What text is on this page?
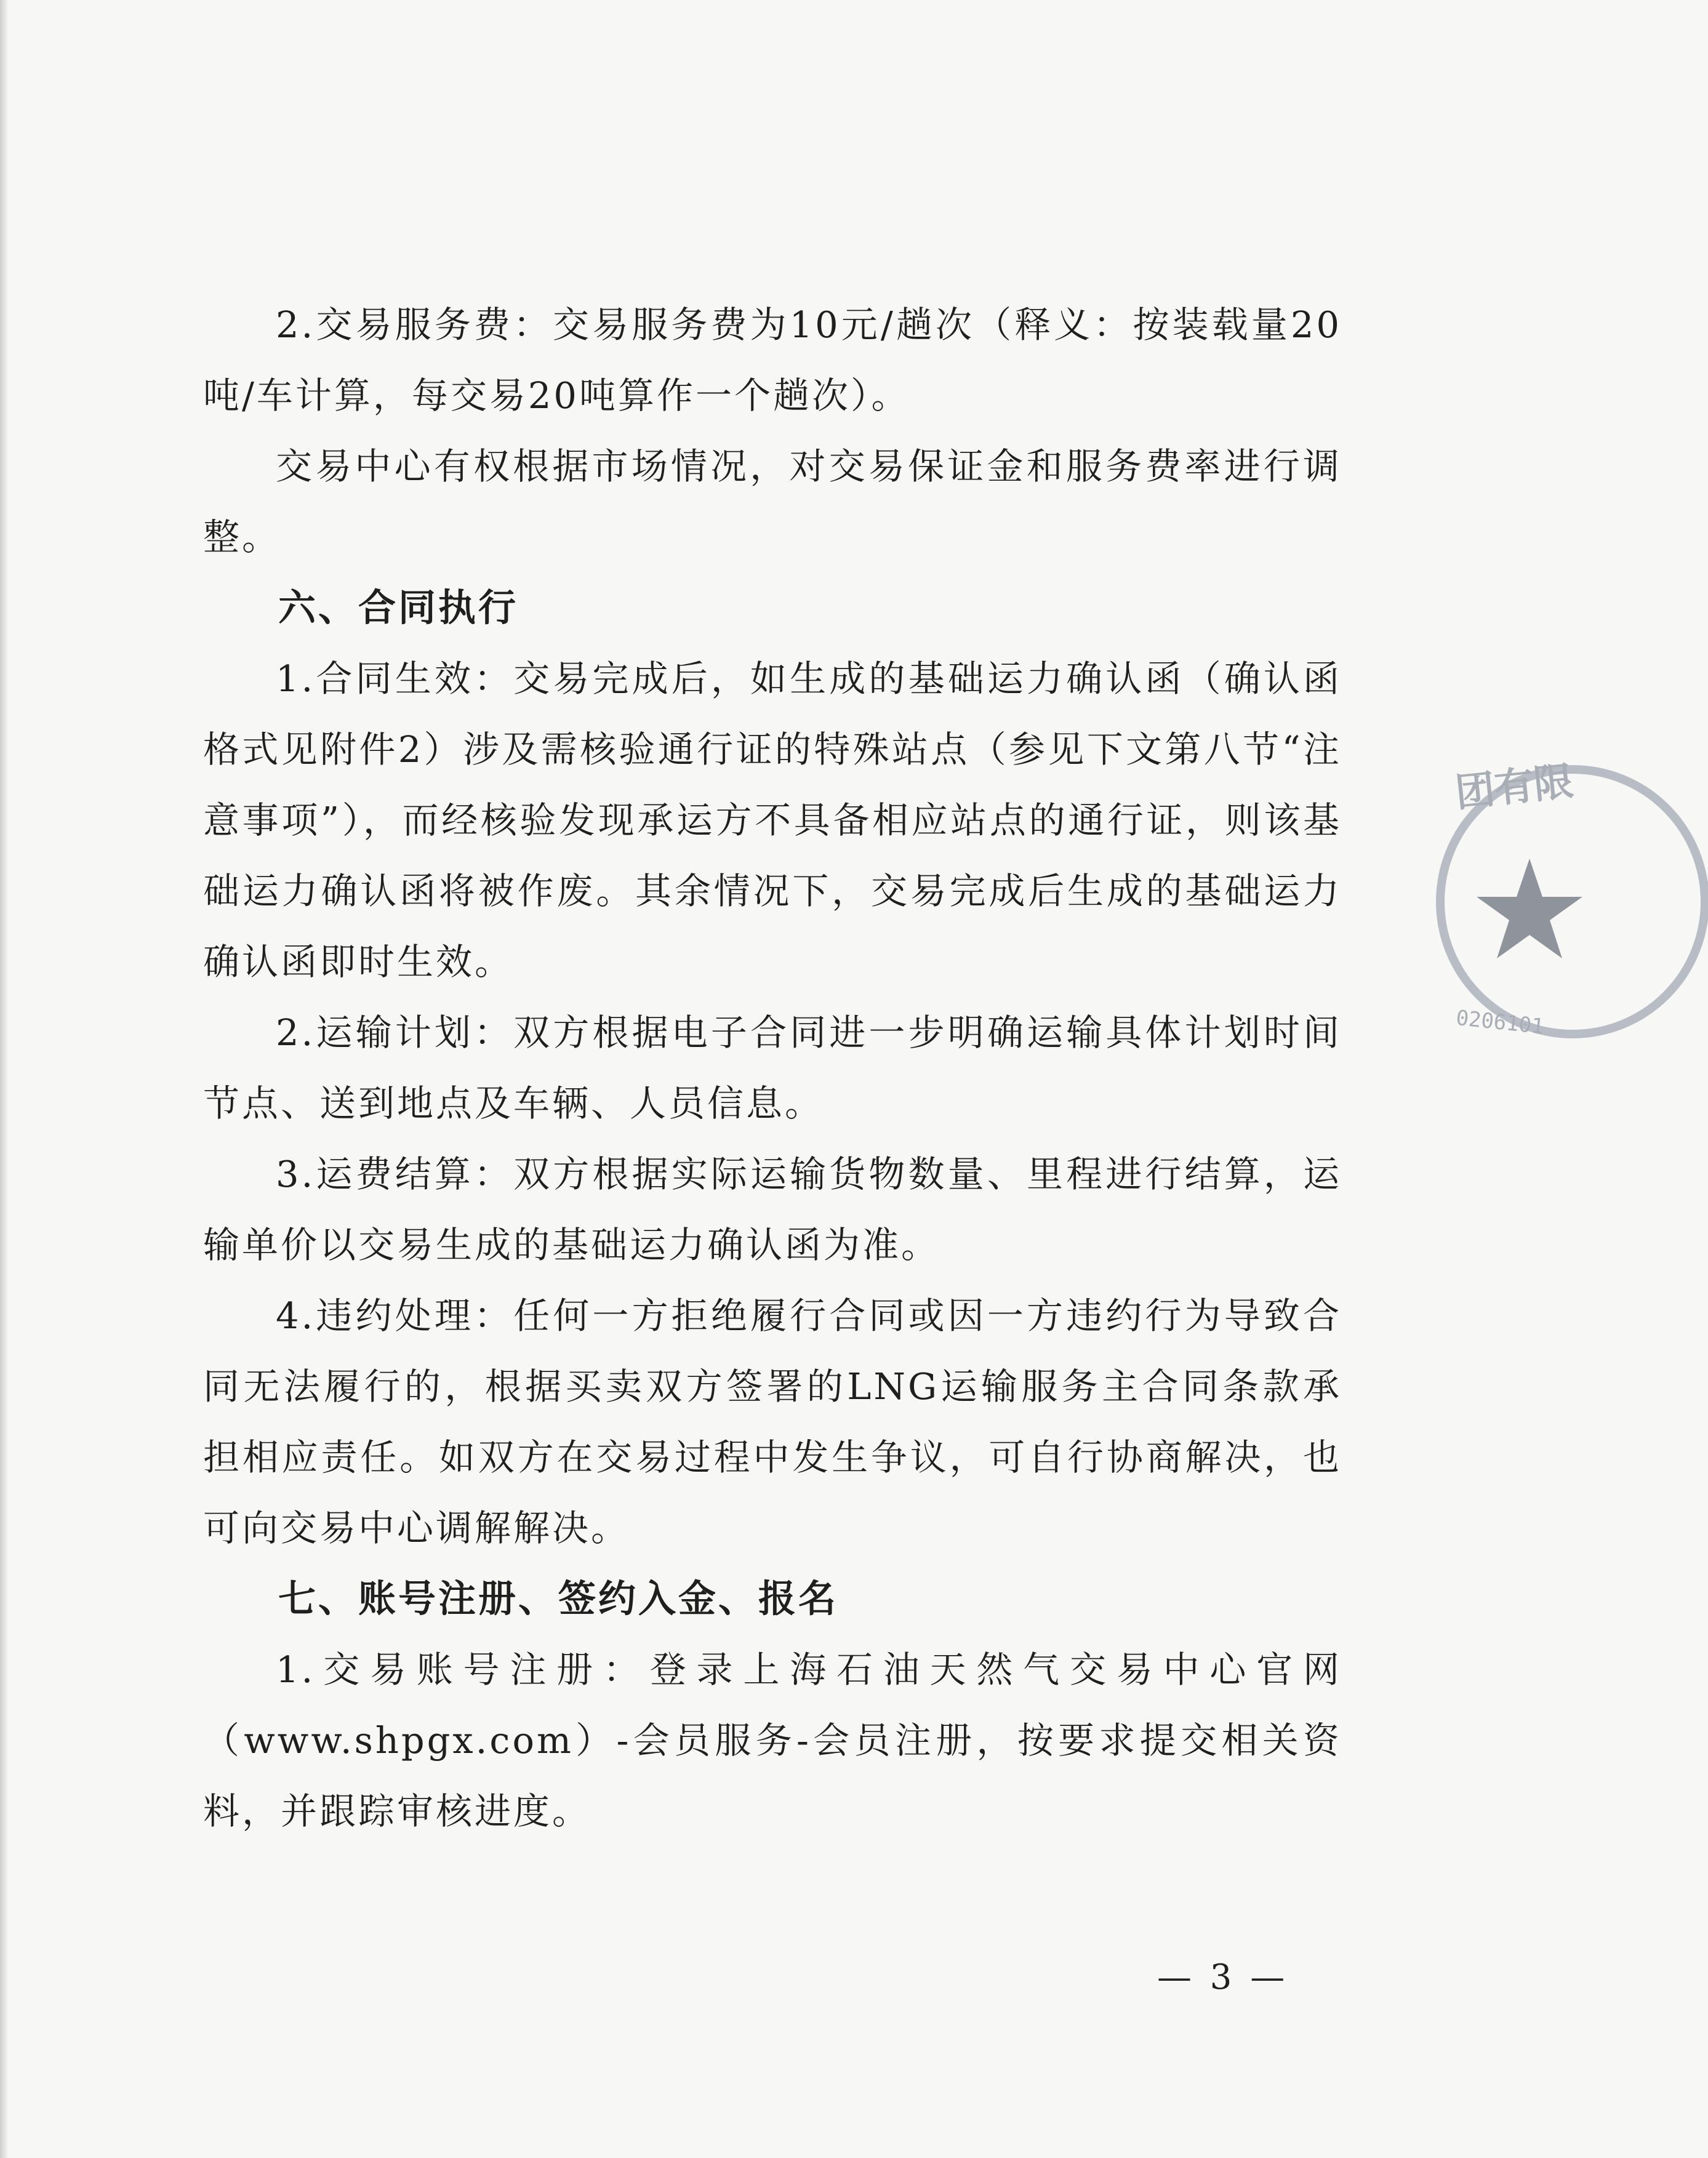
2.交易服务费：交易服务费为10元/趟次（释义：按装载量20吨/车计算，每交易20吨算作一个趟次）。

交易中心有权根据市场情况，对交易保证金和服务费率进行调整。

六、合同执行

1.合同生效：交易完成后，如生成的基础运力确认函（确认函格式见附件2）涉及需核验通行证的特殊站点（参见下文第八节“注意事项”），而经核验发现承运方不具备相应站点的通行证，则该基础运力确认函将被作废。其余情况下，交易完成后生成的基础运力确认函即时生效。

2.运输计划：双方根据电子合同进一步明确运输具体计划时间节点、送到地点及车辆、人员信息。

3.运费结算：双方根据实际运输货物数量、里程进行结算，运输单价以交易生成的基础运力确认函为准。

4.违约处理：任何一方拒绝履行合同或因一方违约行为导致合同无法履行的，根据买卖双方签署的LNG运输服务主合同条款承担相应责任。如双方在交易过程中发生争议，可自行协商解决，也可向交易中心调解解决。

七、账号注册、签约入金、报名

1.交易账号注册：登录上海石油天然气交易中心官网（www.shpgx.com）-会员服务-会员注册，按要求提交相关资料，并跟踪审核进度。

— 3 —
团有限
0206101
